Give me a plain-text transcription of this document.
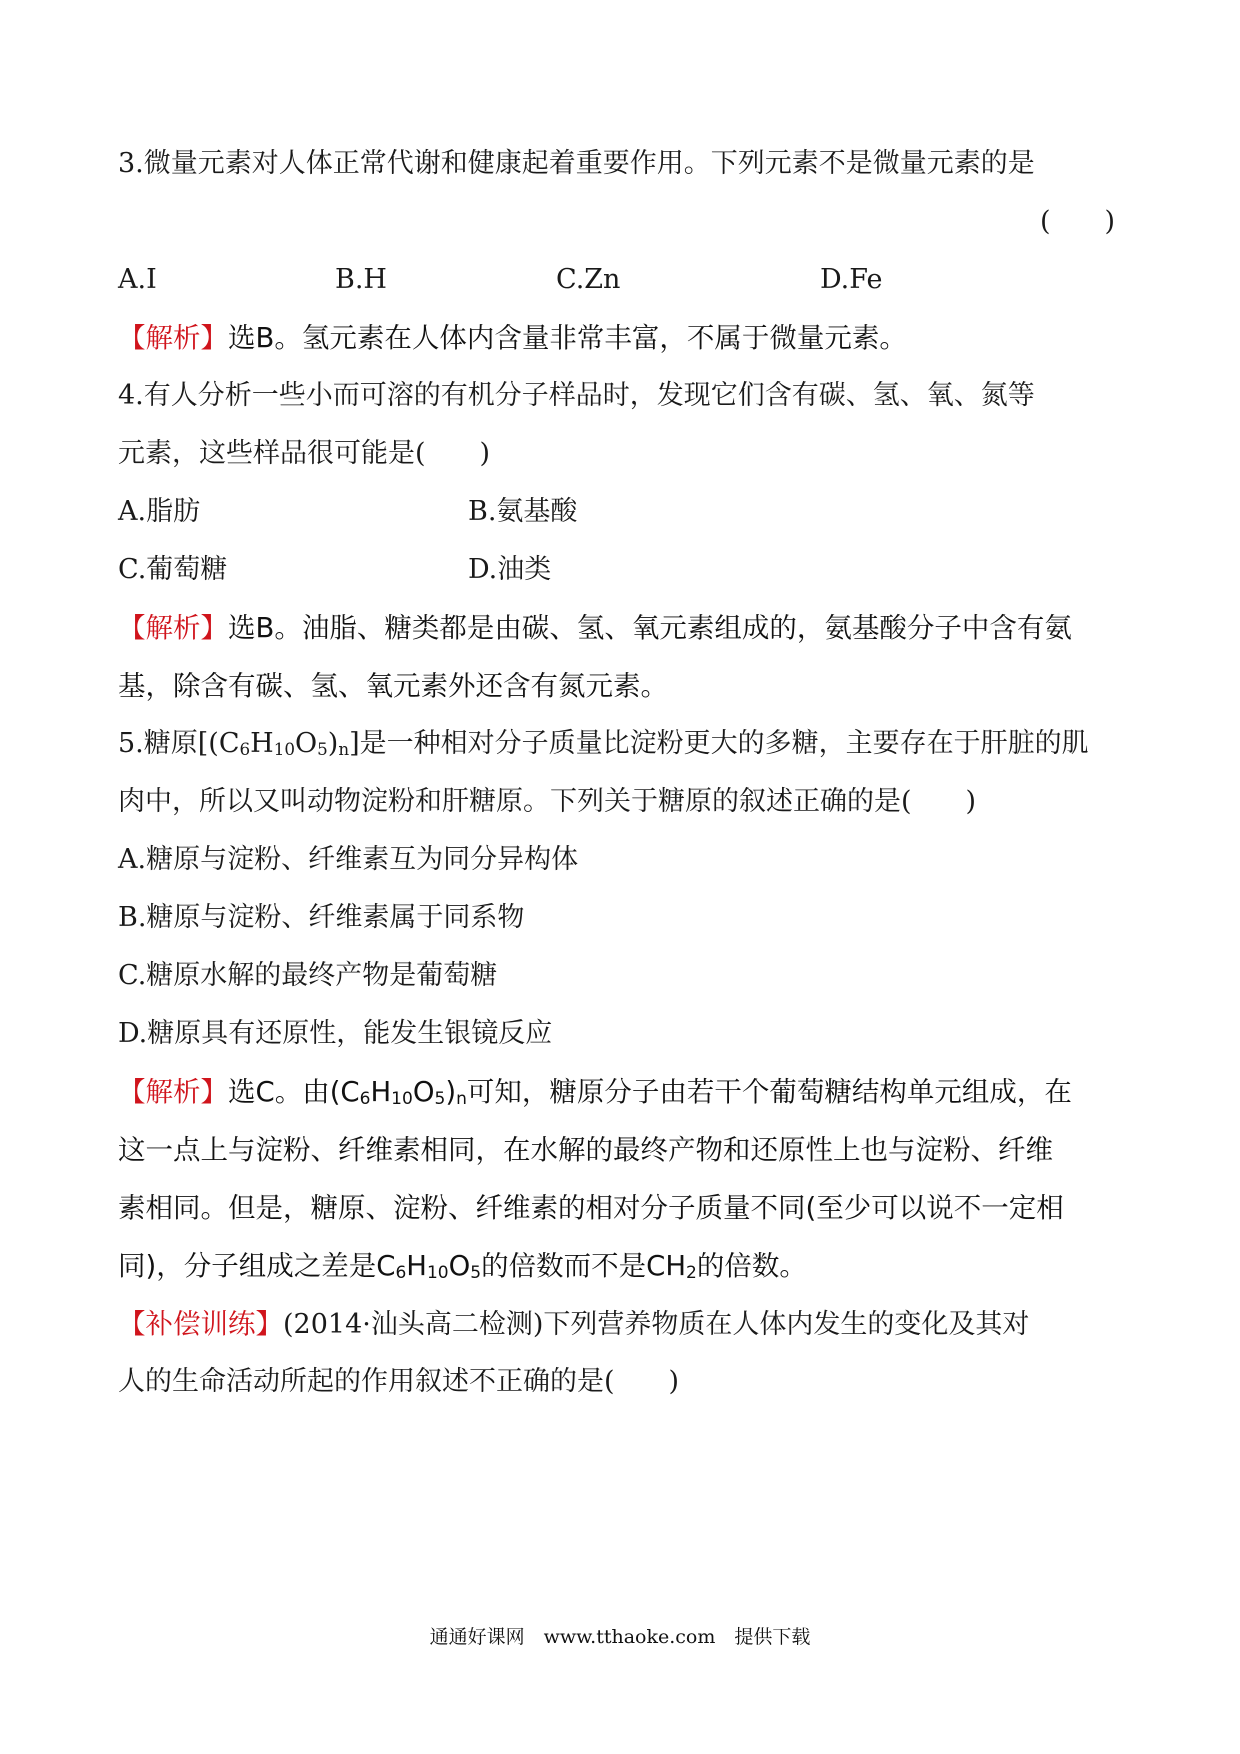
3.微量元素对人体正常代谢和健康起着重要作用。下列元素不是微量元素的是
(　　)
A.I	B.H	C.Zn	D.Fe
【解析】选B。氢元素在人体内含量非常丰富，不属于微量元素。
4.有人分析一些小而可溶的有机分子样品时，发现它们含有碳、氢、氧、氮等
元素，这些样品很可能是(　　)
A.脂肪	B.氨基酸
C.葡萄糖	D.油类
【解析】选B。油脂、糖类都是由碳、氢、氧元素组成的，氨基酸分子中含有氨
基，除含有碳、氢、氧元素外还含有氮元素。
5.糖原$[(C_6H_{10}O_5)_n]$是一种相对分子质量比淀粉更大的多糖，主要存在于肝脏的肌
肉中，所以又叫动物淀粉和肝糖原。下列关于糖原的叙述正确的是(　　)
A.糖原与淀粉、纤维素互为同分异构体
B.糖原与淀粉、纤维素属于同系物
C.糖原水解的最终产物是葡萄糖
D.糖原具有还原性，能发生银镜反应
【解析】选C。由$(C_6H_{10}O_5)_n$可知，糖原分子由若干个葡萄糖结构单元组成，在
这一点上与淀粉、纤维素相同，在水解的最终产物和还原性上也与淀粉、纤维
素相同。但是，糖原、淀粉、纤维素的相对分子质量不同(至少可以说不一定相
同)，分子组成之差是$C_6H_{10}O_5$的倍数而不是$CH_2$的倍数。
【补偿训练】(2014·汕头高二检测)下列营养物质在人体内发生的变化及其对
人的生命活动所起的作用叙述不正确的是(　　)
通通好课网　www.tthaoke.com　提供下载
